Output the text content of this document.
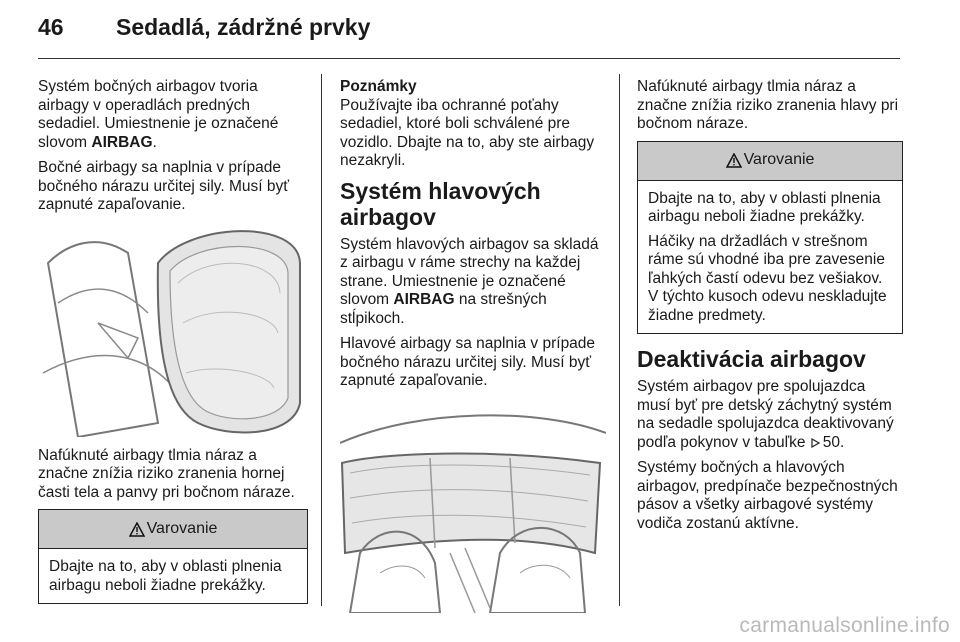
46 Sedadlá, zádržné prvky

Systém bočných airbagov tvoria airbagy v operadlách predných sedadiel. Umiestnenie je označené slovom AIRBAG.

Bočné airbagy sa naplnia v prípade bočného nárazu určitej sily. Musí byť zapnuté zapaľovanie.

Nafúknuté airbagy tlmia náraz a značne znížia riziko zranenia hornej časti tela a panvy pri bočnom náraze.

Varovanie

Dbajte na to, aby v oblasti plnenia airbagu neboli žiadne prekážky.

Poznámky

Používajte iba ochranné poťahy sedadiel, ktoré boli schválené pre vozidlo. Dbajte na to, aby ste airbagy nezakryli.

Systém hlavových airbagov

Systém hlavových airbagov sa skladá z airbagu v ráme strechy na každej strane. Umiestnenie je označené slovom AIRBAG na strešných stĺpikoch.

Hlavové airbagy sa naplnia v prípade bočného nárazu určitej sily. Musí byť zapnuté zapaľovanie.

Nafúknuté airbagy tlmia náraz a značne znížia riziko zranenia hlavy pri bočnom náraze.

Varovanie

Dbajte na to, aby v oblasti plnenia airbagu neboli žiadne prekážky.

Háčiky na držadlách v strešnom ráme sú vhodné iba pre zavesenie ľahkých častí odevu bez vešiakov. V týchto kusoch odevu neskladujte žiadne predmety.

Deaktivácia airbagov

Systém airbagov pre spolujazdca musí byť pre detský záchytný systém na sedadle spolujazdca deaktivovaný podľa pokynov v tabuľke 50.

Systémy bočných a hlavových airbagov, predpínače bezpečnostných pásov a všetky airbagové systémy vodiča zostanú aktívne.

carmanualsonline.info
